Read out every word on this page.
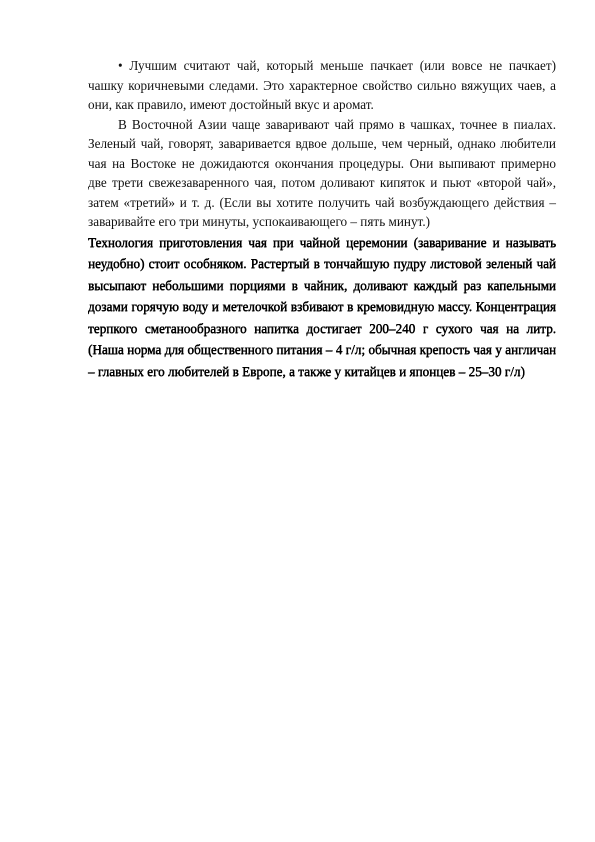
• Лучшим считают чай, который меньше пачкает (или вовсе не пачкает) чашку коричневыми следами. Это характерное свойство сильно вяжущих чаев, а они, как правило, имеют достойный вкус и аромат.

В Восточной Азии чаще заваривают чай прямо в чашках, точнее в пиалах. Зеленый чай, говорят, заваривается вдвое дольше, чем черный, однако любители чая на Востоке не дожидаются окончания процедуры. Они выпивают примерно две трети свежезаваренного чая, потом доливают кипяток и пьют «второй чай», затем «третий» и т. д. (Если вы хотите получить чай возбуждающего действия – заваривайте его три минуты, успокаивающего – пять минут.)

Технология приготовления чая при чайной церемонии (заваривание и называть неудобно) стоит особняком. Растертый в тончайшую пудру листовой зеленый чай высыпают небольшими порциями в чайник, доливают каждый раз капельными дозами горячую воду и метелочкой взбивают в кремовидную массу. Концентрация терпкого сметанообразного напитка достигает 200–240 г сухого чая на литр. (Наша норма для общественного питания – 4 г/л; обычная крепость чая у англичан – главных его любителей в Европе, а также у китайцев и японцев – 25–30 г/л)
